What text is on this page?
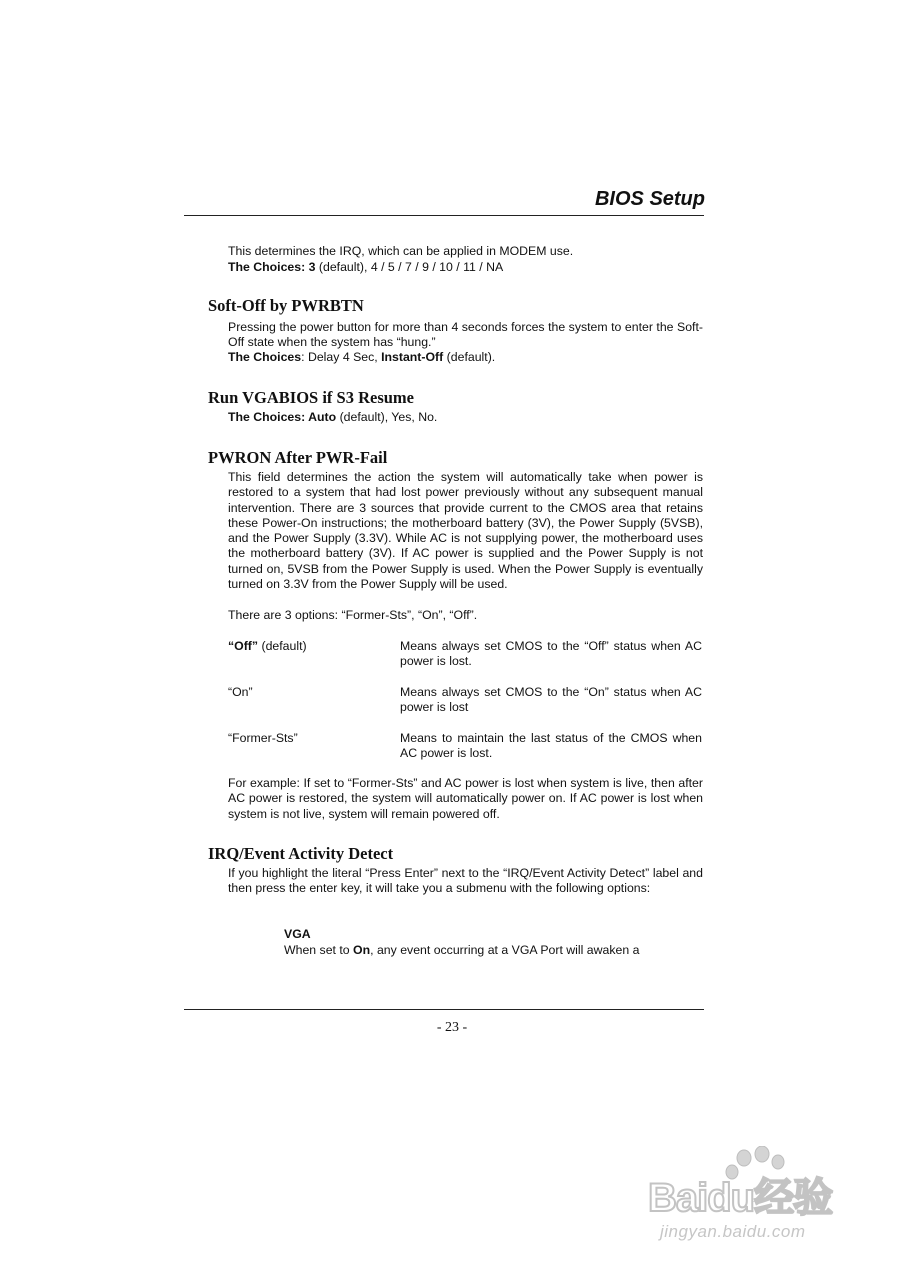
BIOS Setup
This determines the IRQ, which can be applied in MODEM use.
The Choices: 3 (default), 4 / 5 / 7 / 9 / 10 / 11 / NA
Soft-Off by PWRBTN
Pressing the power button for more than 4 seconds forces the system to enter the Soft-Off state when the system has “hung.”
The Choices: Delay 4 Sec, Instant-Off (default).
Run VGABIOS if S3 Resume
The Choices: Auto (default), Yes, No.
PWRON After PWR-Fail
This field determines the action the system will automatically take when power is restored to a system that had lost power previously without any subsequent manual intervention. There are 3 sources that provide current to the CMOS area that retains these Power-On instructions; the motherboard battery (3V), the Power Supply (5VSB), and the Power Supply (3.3V). While AC is not supplying power, the motherboard uses the motherboard battery (3V). If AC power is supplied and the Power Supply is not turned on, 5VSB from the Power Supply is used. When the Power Supply is eventually turned on 3.3V from the Power Supply will be used.
There are 3 options: “Former-Sts”, “On”, “Off”.
“Off” (default)	Means always set CMOS to the “Off” status when AC power is lost.
“On”	Means always set CMOS to the “On” status when AC power is lost
“Former-Sts”	Means to maintain the last status of the CMOS when AC power is lost.
For example: If set to “Former-Sts” and AC power is lost when system is live, then after AC power is restored, the system will automatically power on. If AC power is lost when system is not live, system will remain powered off.
IRQ/Event Activity Detect
If you highlight the literal “Press Enter” next to the “IRQ/Event Activity Detect” label and then press the enter key, it will take you a submenu with the following options:
VGA
When set to On, any event occurring at a VGA Port will awaken a
- 23 -
Baidu经验
jingyan.baidu.com
